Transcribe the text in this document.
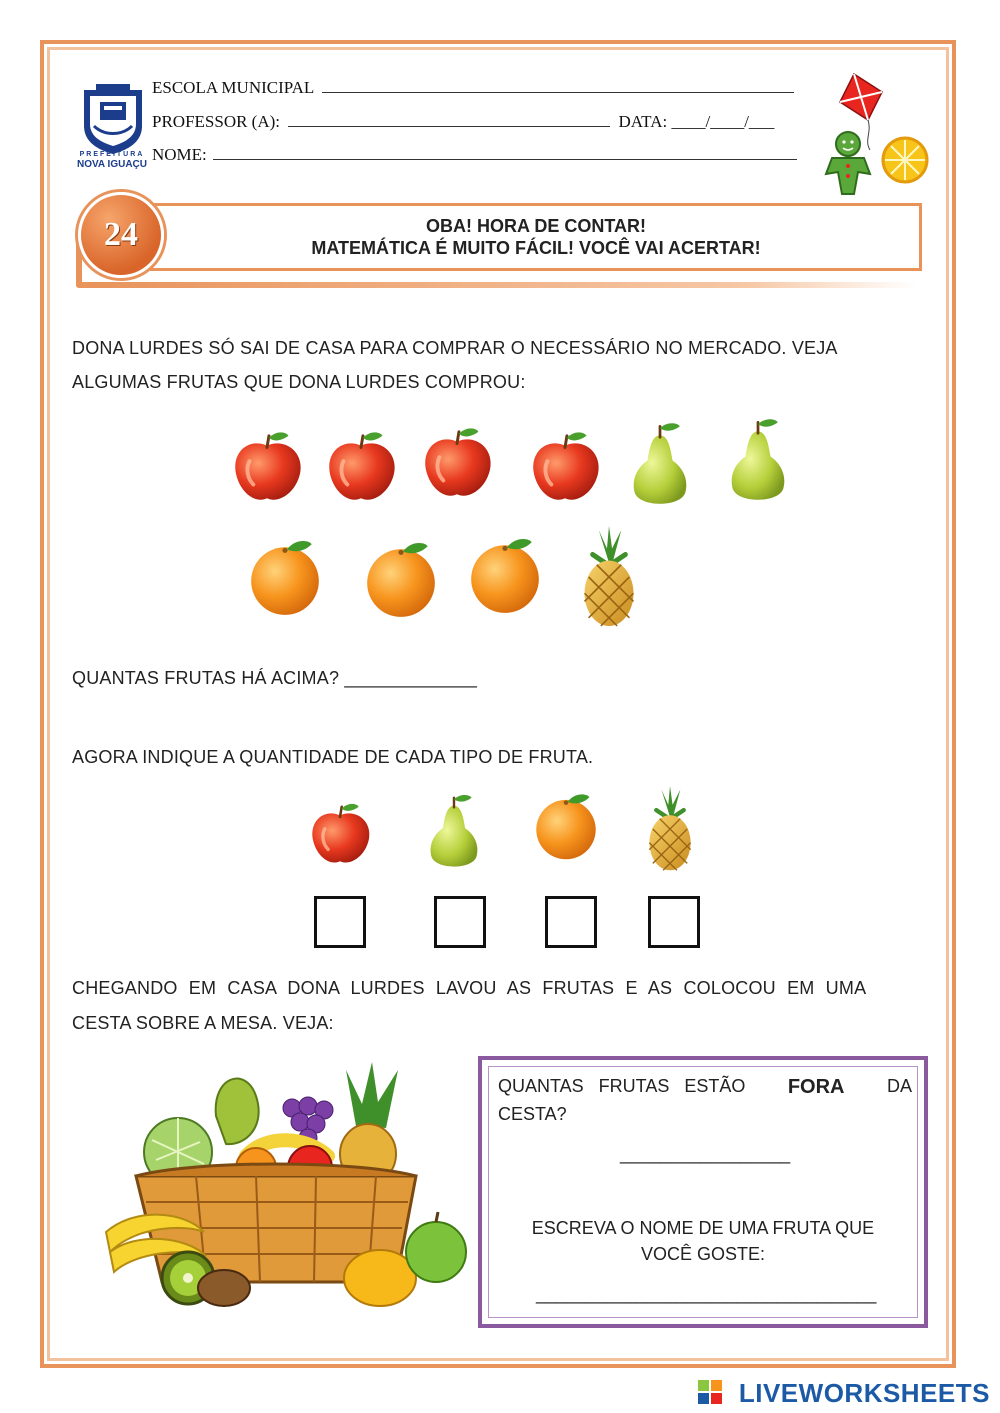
PREFEITURA
NOVA IGUAÇU
ESCOLA MUNICIPAL
PROFESSOR (A):	DATA: ____/____/___
NOME:
OBA! HORA DE CONTAR!
MATEMÁTICA É MUITO FÁCIL! VOCÊ VAI ACERTAR!
24
DONA LURDES SÓ SAI DE CASA PARA COMPRAR O NECESSÁRIO NO MERCADO. VEJA
ALGUMAS FRUTAS QUE DONA LURDES COMPROU:
QUANTAS FRUTAS HÁ ACIMA? _____________
AGORA INDIQUE A QUANTIDADE DE CADA TIPO DE FRUTA.
CHEGANDO EM CASA DONA LURDES LAVOU AS FRUTAS E AS COLOCOU EM UMA
CESTA SOBRE A MESA. VEJA:
QUANTAS FRUTAS ESTÃO FORA DA
CESTA?
_________________
ESCREVA O NOME DE UMA FRUTA QUE
VOCÊ GOSTE:
__________________________________
LIVEWORKSHEETS
